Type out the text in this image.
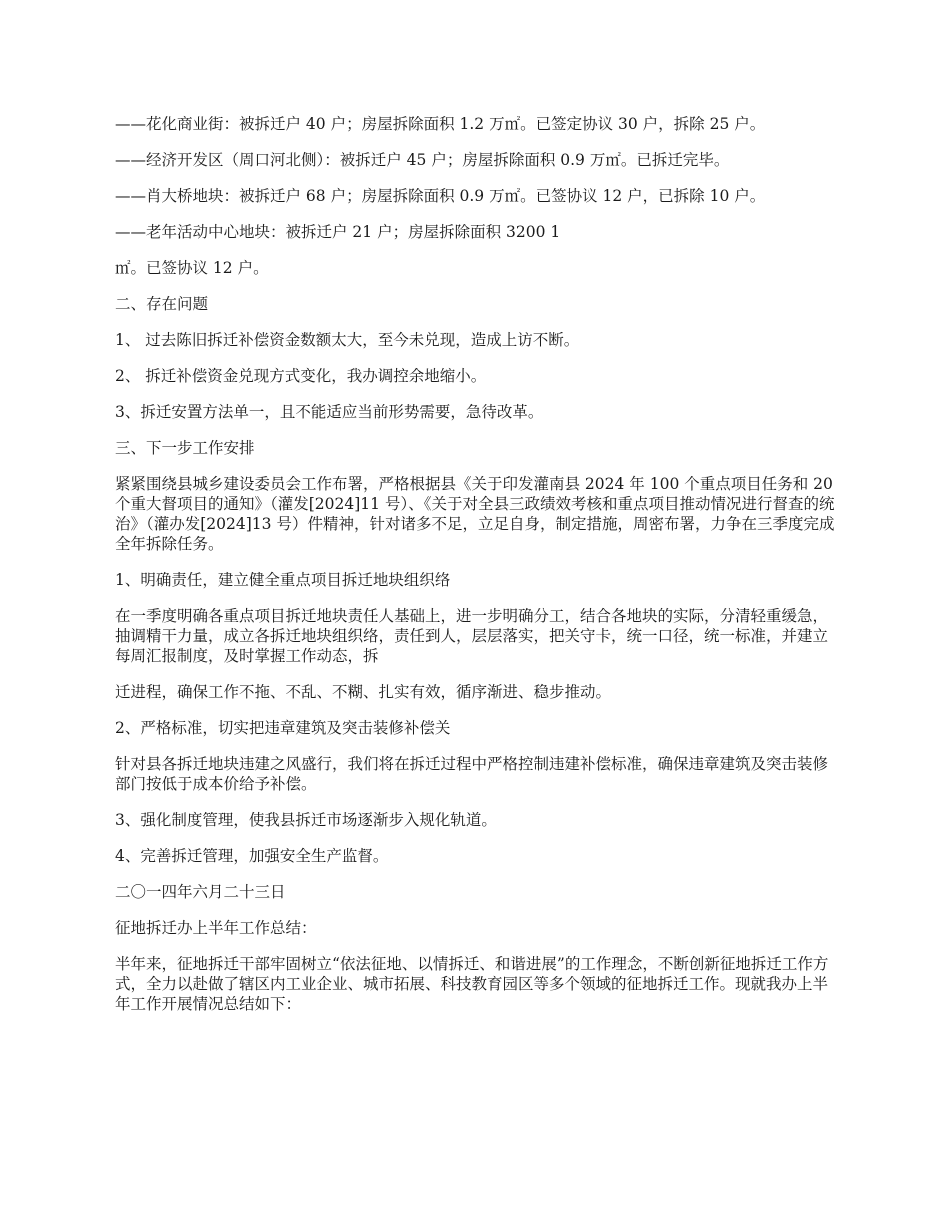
——花化商业街：被拆迁户 40 户；房屋拆除面积 1.2 万㎡。已签定协议 30 户，拆除 25 户。

——经济开发区（周口河北侧）：被拆迁户 45 户；房屋拆除面积 0.9 万㎡。已拆迁完毕。

——肖大桥地块：被拆迁户 68 户；房屋拆除面积 0.9 万㎡。已签协议 12 户，已拆除 10 户。

——老年活动中心地块：被拆迁户 21 户；房屋拆除面积 3200 1

㎡。已签协议 12 户。

二、存在问题

1、 过去陈旧拆迁补偿资金数额太大，至今未兑现，造成上访不断。

2、 拆迁补偿资金兑现方式变化，我办调控余地缩小。

3、拆迁安置方法单一，且不能适应当前形势需要，急待改革。

三、下一步工作安排

紧紧围绕县城乡建设委员会工作布署，严格根据县《关于印发灌南县 2024 年 100 个重点项目任务和 20 个重大督项目的通知》（灌发[2024]11 号）、《关于对全县三政绩效考核和重点项目推动情况进行督查的统治》（灌办发[2024]13 号）件精神，针对诸多不足，立足自身，制定措施，周密布署，力争在三季度完成全年拆除任务。

1、明确责任，建立健全重点项目拆迁地块组织络

在一季度明确各重点项目拆迁地块责任人基础上，进一步明确分工，结合各地块的实际，分清轻重缓急，抽调精干力量，成立各拆迁地块组织络，责任到人，层层落实，把关守卡，统一口径，统一标准，并建立每周汇报制度，及时掌握工作动态，拆

迁进程，确保工作不拖、不乱、不糊、扎实有效，循序渐进、稳步推动。

2、严格标准，切实把违章建筑及突击装修补偿关

针对县各拆迁地块违建之风盛行，我们将在拆迁过程中严格控制违建补偿标准，确保违章建筑及突击装修部门按低于成本价给予补偿。

3、强化制度管理，使我县拆迁市场逐渐步入规化轨道。

4、完善拆迁管理，加强安全生产监督。

二〇一四年六月二十三日

征地拆迁办上半年工作总结：

半年来，征地拆迁干部牢固树立“依法征地、以情拆迁、和谐进展”的工作理念，不断创新征地拆迁工作方式，全力以赴做了辖区内工业企业、城市拓展、科技教育园区等多个领域的征地拆迁工作。现就我办上半年工作开展情况总结如下：
